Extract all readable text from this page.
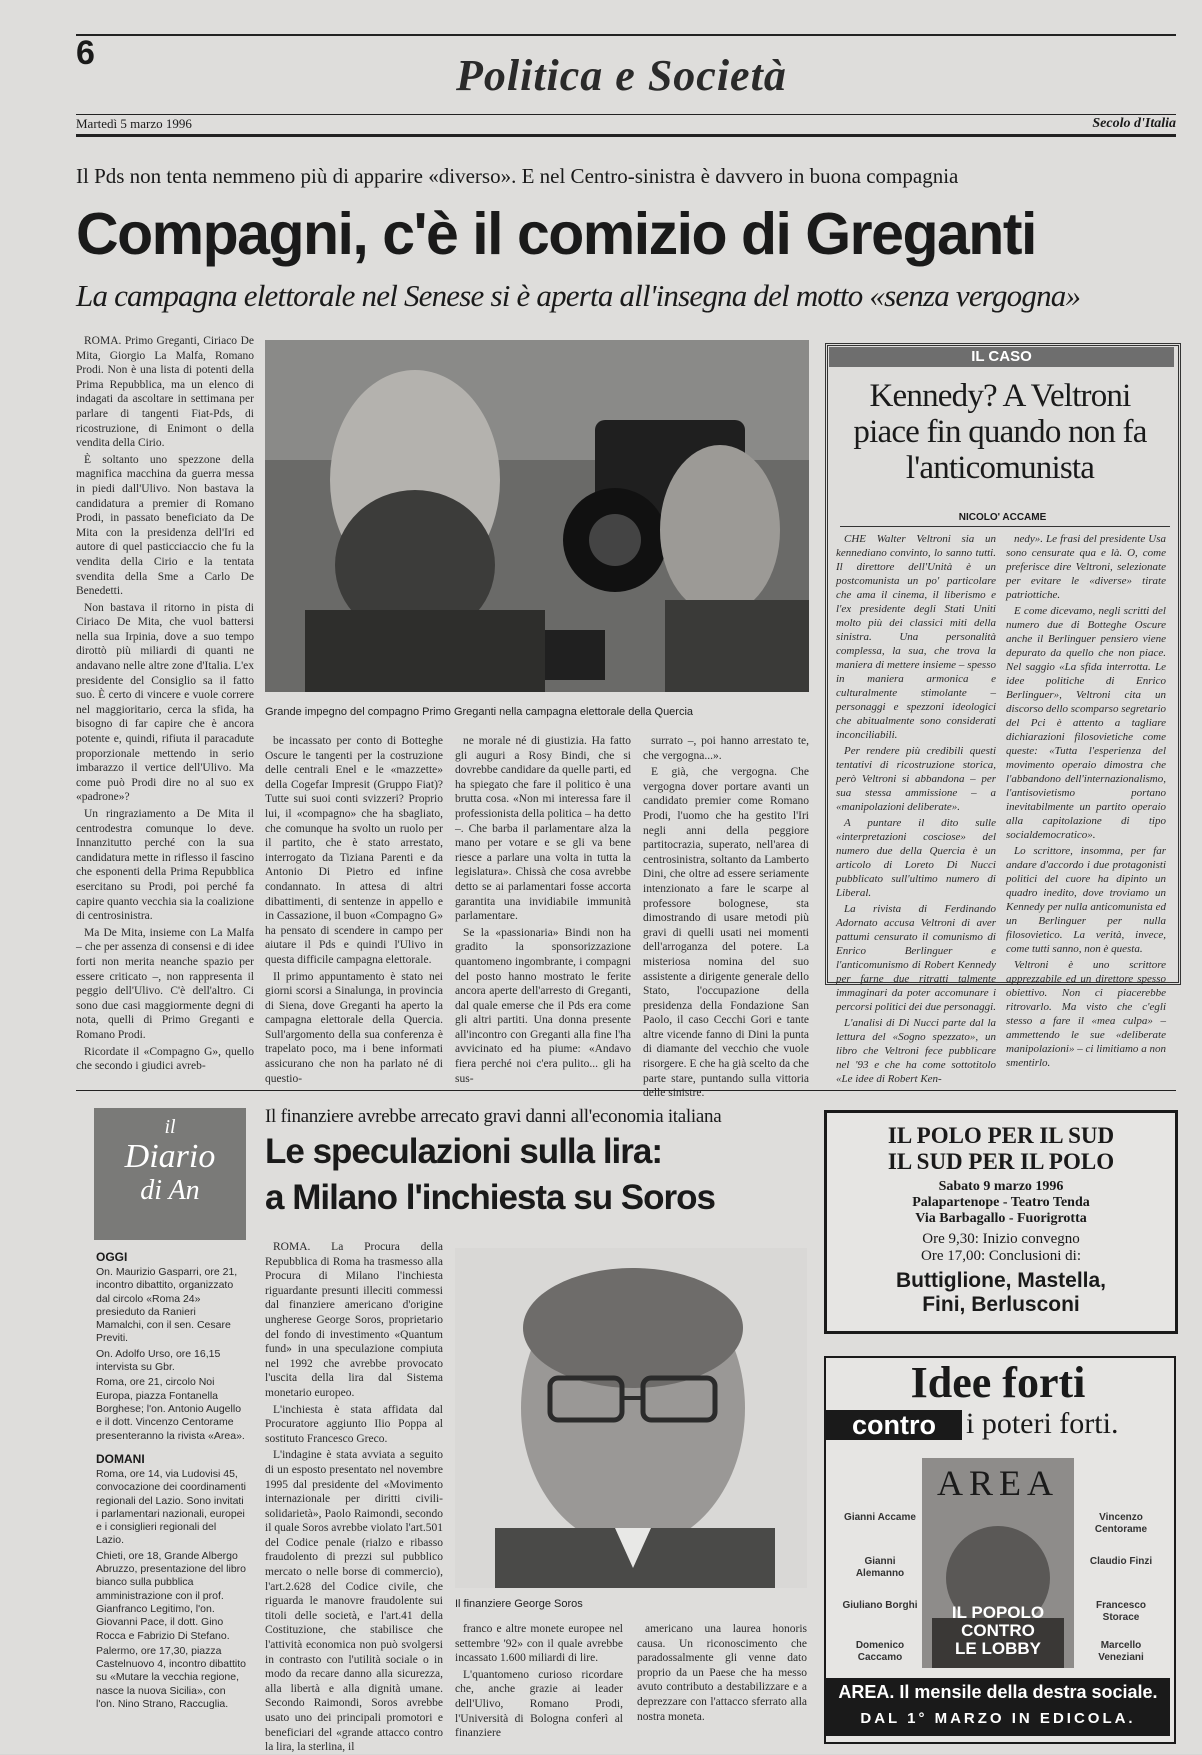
6	Politica e Società
Martedì 5 marzo 1996	Secolo d'Italia
Il Pds non tenta nemmeno più di apparire «diverso». E nel Centro-sinistra è davvero in buona compagnia
Compagni, c'è il comizio di Greganti
La campagna elettorale nel Senese si è aperta all'insegna del motto «senza vergogna»

ROMA. Primo Greganti, Ciriaco De Mita, Giorgio La Malfa, Romano Prodi. Non è una lista di potenti della Prima Repubblica, ma un elenco di indagati da ascoltare in settimana per parlare di tangenti Fiat-Pds, di ricostruzione, di Enimont o della vendita della Cirio.

È soltanto uno spezzone della magnifica macchina da guerra messa in piedi dall'Ulivo. Non bastava la candidatura a premier di Romano Prodi, in passato beneficiato da De Mita con la presidenza dell'Iri ed autore di quel pasticciaccio che fu la vendita della Cirio e la tentata svendita della Sme a Carlo De Benedetti.

Non bastava il ritorno in pista di Ciriaco De Mita, che vuol battersi nella sua Irpinia, dove a suo tempo dirottò più miliardi di quanti ne andavano nelle altre zone d'Italia. L'ex presidente del Consiglio sa il fatto suo. È certo di vincere e vuole correre nel maggioritario, cerca la sfida, ha bisogno di far capire che è ancora potente e, quindi, rifiuta il paracadute proporzionale mettendo in serio imbarazzo il vertice dell'Ulivo. Ma come può Prodi dire no al suo ex «padrone»?

Un ringraziamento a De Mita il centrodestra comunque lo deve. Innanzitutto perché con la sua candidatura mette in riflesso il fascino che esponenti della Prima Repubblica esercitano su Prodi, poi perché fa capire quanto vecchia sia la coalizione di centrosinistra.

Ma De Mita, insieme con La Malfa – che per assenza di consensi e di idee forti non merita neanche spazio per essere criticato –, non rappresenta il peggio dell'Ulivo. C'è dell'altro. Ci sono due casi maggiormente degni di nota, quelli di Primo Greganti e Romano Prodi.

Ricordate il «Compagno G», quello che secondo i giudici avreb-

Grande impegno del compagno Primo Greganti nella campagna elettorale della Quercia

be incassato per conto di Botteghe Oscure le tangenti per la costruzione delle centrali Enel e le «mazzette» della Cogefar Impresit (Gruppo Fiat)? Tutte sui suoi conti svizzeri? Proprio lui, il «compagno» che ha sbagliato, che comunque ha svolto un ruolo per il partito, che è stato arrestato, interrogato da Tiziana Parenti e da Antonio Di Pietro ed infine condannato. In attesa di altri dibattimenti, di sentenze in appello e in Cassazione, il buon «Compagno G» ha pensato di scendere in campo per aiutare il Pds e quindi l'Ulivo in questa difficile campagna elettorale.

Il primo appuntamento è stato nei giorni scorsi a Sinalunga, in provincia di Siena, dove Greganti ha aperto la campagna elettorale della Quercia. Sull'argomento della sua conferenza è trapelato poco, ma i bene informati assicurano che non ha parlato né di questio-

ne morale né di giustizia. Ha fatto gli auguri a Rosy Bindi, che si dovrebbe candidare da quelle parti, ed ha spiegato che fare il politico è una brutta cosa. «Non mi interessa fare il professionista della politica – ha detto –. Che barba il parlamentare alza la mano per votare e se gli va bene riesce a parlare una volta in tutta la legislatura». Chissà che cosa avrebbe detto se ai parlamentari fosse accorta garantita una invidiabile immunità parlamentare.

Se la «passionaria» Bindi non ha gradito la sponsorizzazione quantomeno ingombrante, i compagni del posto hanno mostrato le ferite ancora aperte dell'arresto di Greganti, dal quale emerse che il Pds era come gli altri partiti. Una donna presente all'incontro con Greganti alla fine l'ha avvicinato ed ha piume: «Andavo fiera perché noi c'era pulito... gli ha sus-

surrato –, poi hanno arrestato te, che vergogna...».

E già, che vergogna. Che vergogna dover portare avanti un candidato premier come Romano Prodi, l'uomo che ha gestito l'Iri negli anni della peggiore partitocrazia, superato, nell'area di centrosinistra, soltanto da Lamberto Dini, che oltre ad essere seriamente intenzionato a fare le scarpe al professore bolognese, sta dimostrando di usare metodi più gravi di quelli usati nei momenti dell'arroganza del potere. La misteriosa nomina del suo assistente a dirigente generale dello Stato, l'occupazione della presidenza della Fondazione San Paolo, il caso Cecchi Gori e tante altre vicende fanno di Dini la punta di diamante del vecchio che vuole risorgere. E che ha già scelto da che parte stare, puntando sulla vittoria delle sinistre.

IL CASO
Kennedy? A Veltroni piace fin quando non fa l'anticomunista
NICOLO' ACCAME

CHE Walter Veltroni sia un kennediano convinto, lo sanno tutti. Il direttore dell'Unità è un postcomunista un po' particolare che ama il cinema, il liberismo e l'ex presidente degli Stati Uniti molto più dei classici miti della sinistra. Una personalità complessa, la sua, che trova la maniera di mettere insieme – spesso in maniera armonica e culturalmente stimolante – personaggi e spezzoni ideologici che abitualmente sono considerati inconciliabili.

Per rendere più credibili questi tentativi di ricostruzione storica, però Veltroni si abbandona – per sua stessa ammissione – a «manipolazioni deliberate».

A puntare il dito sulle «interpretazioni cosciose» del numero due della Quercia è un articolo di Loreto Di Nucci pubblicato sull'ultimo numero di Liberal.

La rivista di Ferdinando Adornato accusa Veltroni di aver pattumi censurato il comunismo di Enrico Berlinguer e l'anticomunismo di Robert Kennedy per farne due ritratti talmente immaginari da poter accomunare i percorsi politici dei due personaggi.

L'analisi di Di Nucci parte dal la lettura del «Sogno spezzato», un libro che Veltroni fece pubblicare nel '93 e che ha come sottotitolo «Le idee di Robert Ken-

nedy». Le frasi del presidente Usa sono censurate qua e là. O, come preferisce dire Veltroni, selezionate per evitare le «diverse» tirate patriottiche.

E come dicevamo, negli scritti del numero due di Botteghe Oscure anche il Berlinguer pensiero viene depurato da quello che non piace. Nel saggio «La sfida interrotta. Le idee politiche di Enrico Berlinguer», Veltroni cita un discorso dello scomparso segretario del Pci è attento a tagliare dichiarazioni filosovietiche come queste: «Tutta l'esperienza del movimento operaio dimostra che l'abbandono dell'internazionalismo, l'antisovietismo portano inevitabilmente un partito operaio alla capitolazione di tipo socialdemocratico».

Lo scrittore, insomma, per far andare d'accordo i due protagonisti politici del cuore ha dipinto un quadro inedito, dove troviamo un Kennedy per nulla anticomunista ed un Berlinguer per nulla filosovietico. La verità, invece, come tutti sanno, non è questa.

Veltroni è uno scrittore apprezzabile ed un direttore spesso obiettivo. Non ci piacerebbe ritrovarlo. Ma visto che c'egli stesso a fare il «mea culpa» – ammettendo le sue «deliberate manipolazioni» – ci limitiamo a non smentirlo.

il
Diario
di An
OGGI

On. Maurizio Gasparri, ore 21, incontro dibattito, organizzato dal circolo «Roma 24» presieduto da Ranieri Mamalchi, con il sen. Cesare Previti.

On. Adolfo Urso, ore 16,15 intervista su Gbr.

Roma, ore 21, circolo Noi Europa, piazza Fontanella Borghese; l'on. Antonio Augello e il dott. Vincenzo Centorame presenteranno la rivista «Area».

DOMANI

Roma, ore 14, via Ludovisi 45, convocazione dei coordinamenti regionali del Lazio. Sono invitati i parlamentari nazionali, europei e i consiglieri regionali del Lazio.

Chieti, ore 18, Grande Albergo Abruzzo, presentazione del libro bianco sulla pubblica amministrazione con il prof. Gianfranco Legitimo, l'on. Giovanni Pace, il dott. Gino Rocca e Fabrizio Di Stefano.

Palermo, ore 17,30, piazza Castelnuovo 4, incontro dibattito su «Mutare la vecchia regione, nasce la nuova Sicilia», con l'on. Nino Strano, Raccuglia.

Il finanziere avrebbe arrecato gravi danni all'economia italiana
Le speculazioni sulla lira:
a Milano l'inchiesta su Soros

ROMA. La Procura della Repubblica di Roma ha trasmesso alla Procura di Milano l'inchiesta riguardante presunti illeciti commessi dal finanziere americano d'origine ungherese George Soros, proprietario del fondo di investimento «Quantum fund» in una speculazione compiuta nel 1992 che avrebbe provocato l'uscita della lira dal Sistema monetario europeo.

L'inchiesta è stata affidata dal Procuratore aggiunto Ilio Poppa al sostituto Francesco Greco.

L'indagine è stata avviata a seguito di un esposto presentato nel novembre 1995 dal presidente del «Movimento internazionale per diritti civili-solidarietà», Paolo Raimondi, secondo il quale Soros avrebbe violato l'art.501 del Codice penale (rialzo e ribasso fraudolento di prezzi sul pubblico mercato o nelle borse di commercio), l'art.2.628 del Codice civile, che riguarda le manovre fraudolente sui titoli delle società, e l'art.41 della Costituzione, che stabilisce che l'attività economica non può svolgersi in contrasto con l'utilità sociale o in modo da recare danno alla sicurezza, alla libertà e alla dignità umane. Secondo Raimondi, Soros avrebbe usato uno dei principali promotori e beneficiari del «grande attacco contro la lira, la sterlina, il

Il finanziere George Soros

franco e altre monete europee nel settembre '92» con il quale avrebbe incassato 1.600 miliardi di lire.

L'quantomeno curioso ricordare che, anche grazie ai leader dell'Ulivo, Romano Prodi, l'Università di Bologna conferì al finanziere

americano una laurea honoris causa. Un riconoscimento che paradossalmente gli venne dato proprio da un Paese che ha messo avuto contributo a destabilizzare e a deprezzare con l'attacco sferrato alla nostra moneta.

IL POLO PER IL SUD
IL SUD PER IL POLO
Sabato 9 marzo 1996
Palapartenope - Teatro Tenda
Via Barbagallo - Fuorigrotta
Ore 9,30: Inizio convegno
Ore 17,00: Conclusioni di:
Buttiglione, Mastella,
Fini, Berlusconi
Idee forti
contro	i poteri forti.
AREA
IL POPOLO
CONTRO
LE LOBBY
Gianni Accame
Gianni Alemanno
Giuliano Borghi
Domenico Caccamo
Vincenzo Centorame
Claudio Finzi
Francesco Storace
Marcello Veneziani
AREA. Il mensile della destra sociale.
DAL 1° MARZO IN EDICOLA.
